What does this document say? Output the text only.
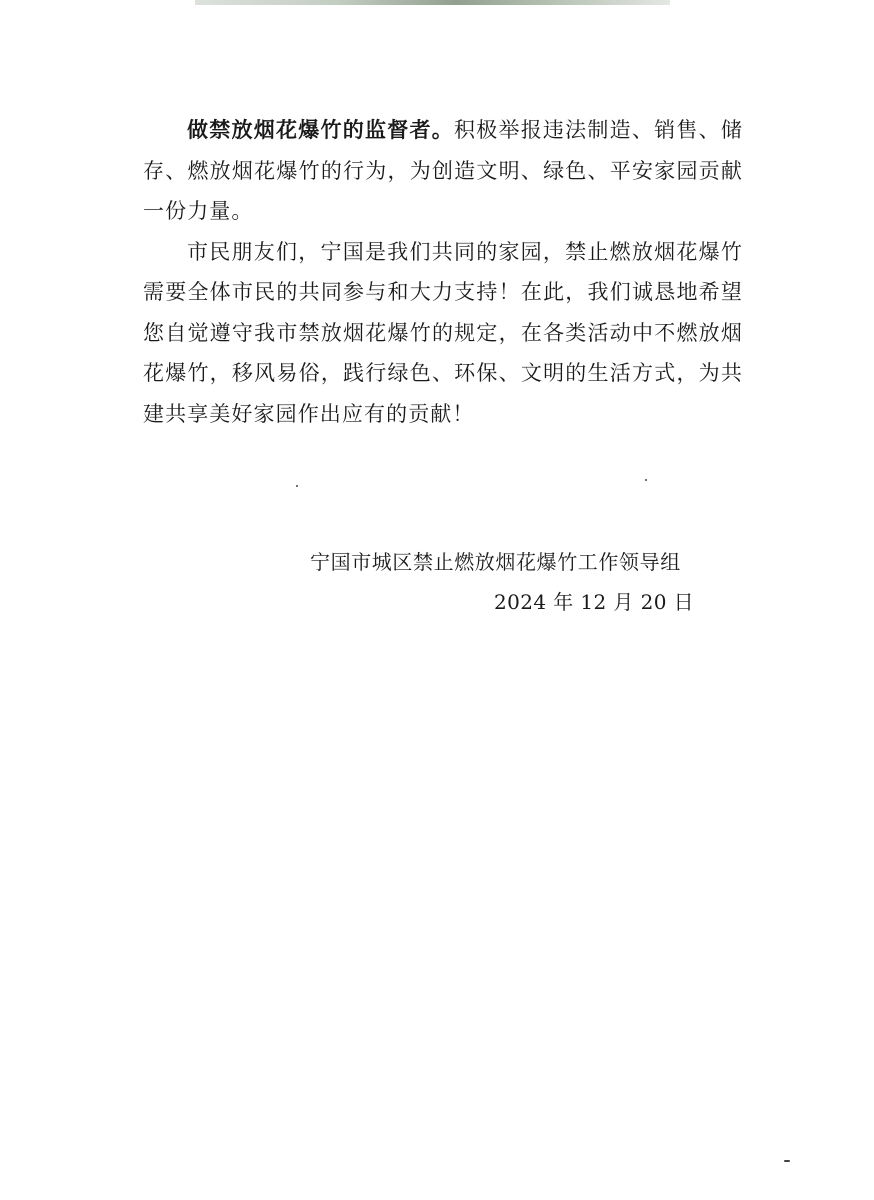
做禁放烟花爆竹的监督者。积极举报违法制造、销售、储存、燃放烟花爆竹的行为，为创造文明、绿色、平安家园贡献一份力量。

市民朋友们，宁国是我们共同的家园，禁止燃放烟花爆竹需要全体市民的共同参与和大力支持！在此，我们诚恳地希望您自觉遵守我市禁放烟花爆竹的规定，在各类活动中不燃放烟花爆竹，移风易俗，践行绿色、环保、文明的生活方式，为共建共享美好家园作出应有的贡献！

宁国市城区禁止燃放烟花爆竹工作领导组
2024 年 12 月 20 日
